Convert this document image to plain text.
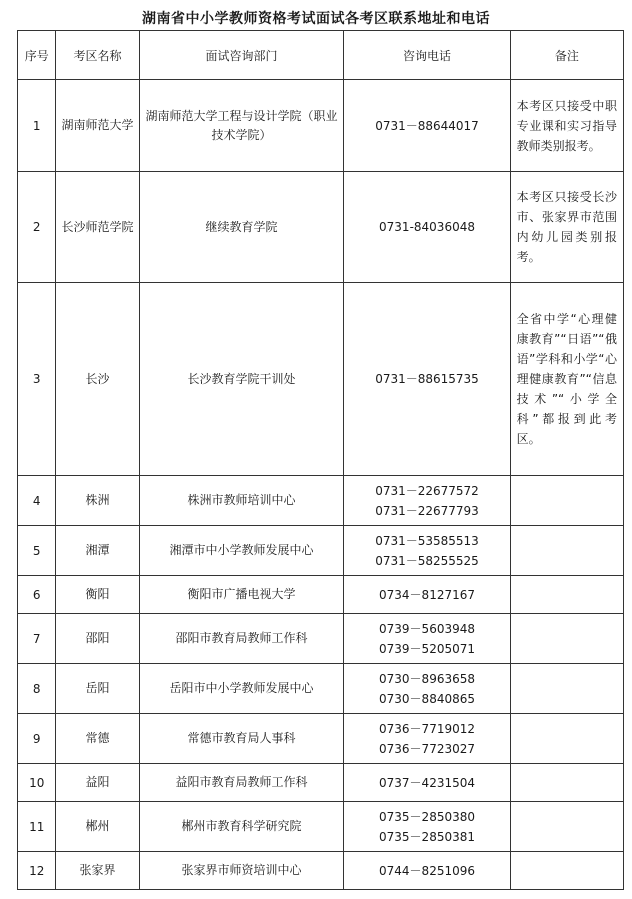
湖南省中小学教师资格考试面试各考区联系地址和电话
序号	考区名称	面试咨询部门	咨询电话	备注
1	湖南师范大学	湖南师范大学工程与设计学院（职业技术学院）	0731－88644017	本考区只接受中职专业课和实习指导教师类别报考。
2	长沙师范学院	继续教育学院	0731-84036048	本考区只接受长沙市、张家界市范围内幼儿园类别报考。
3	长沙	长沙教育学院干训处	0731－88615735	全省中学“心理健康教育”“日语”“俄语”学科和小学“心理健康教育”“信息技术”“小学全科”都报到此考区。
4	株洲	株洲市教师培训中心	0731－22677572
0731－22677793	

5	湘潭	湘潭市中小学教师发展中心	0731－53585513
0731－58255525	

6	衡阳	衡阳市广播电视大学	0734－8127167	

7	邵阳	邵阳市教育局教师工作科	0739－5603948
0739－5205071	

8	岳阳	岳阳市中小学教师发展中心	0730－8963658
0730－8840865	

9	常德	常德市教育局人事科	0736－7719012
0736－7723027	

10	益阳	益阳市教育局教师工作科	0737－4231504	

11	郴州	郴州市教育科学研究院	0735－2850380
0735－2850381	

12	张家界	张家界市师资培训中心	0744－8251096	
